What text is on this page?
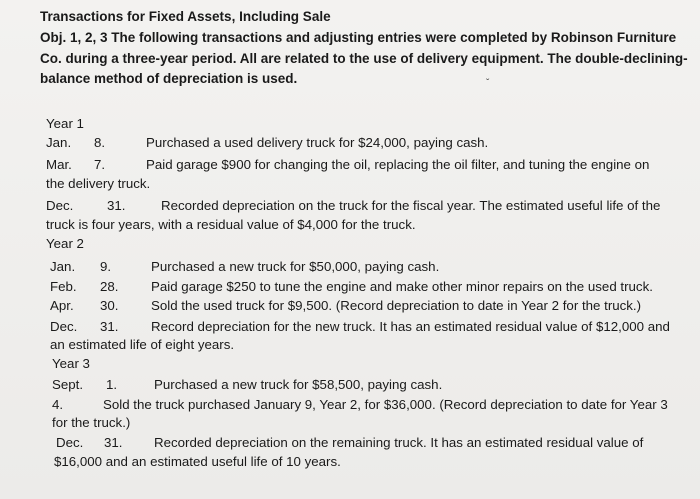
Transactions for Fixed Assets, Including Sale
Obj. 1, 2, 3 The following transactions and adjusting entries were completed by Robinson Furniture Co. during a three-year period. All are related to the use of delivery equipment. The double-declining-balance method of depreciation is used.	ˇ
Year 1
Jan. 8.	Purchased a used delivery truck for $24,000, paying cash.
Mar. 7.	Paid garage $900 for changing the oil, replacing the oil filter, and tuning the engine on
the delivery truck.
Dec.	31.	Recorded depreciation on the truck for the fiscal year. The estimated useful life of the
truck is four years, with a residual value of $4,000 for the truck.
Year 2
Jan. 9.	Purchased a new truck for $50,000, paying cash.
Feb. 28. Paid garage $250 to tune the engine and make other minor repairs on the used truck.
Apr. 30. Sold the used truck for $9,500. (Record depreciation to date in Year 2 for the truck.)
Dec. 31. Record depreciation for the new truck. It has an estimated residual value of $12,000 and
an estimated life of eight years.
Year 3
Sept. 1.	Purchased a new truck for $58,500, paying cash.
4.	Sold the truck purchased January 9, Year 2, for $36,000. (Record depreciation to date for Year 3
for the truck.)
Dec. 31. Recorded depreciation on the remaining truck. It has an estimated residual value of
$16,000 and an estimated useful life of 10 years.
